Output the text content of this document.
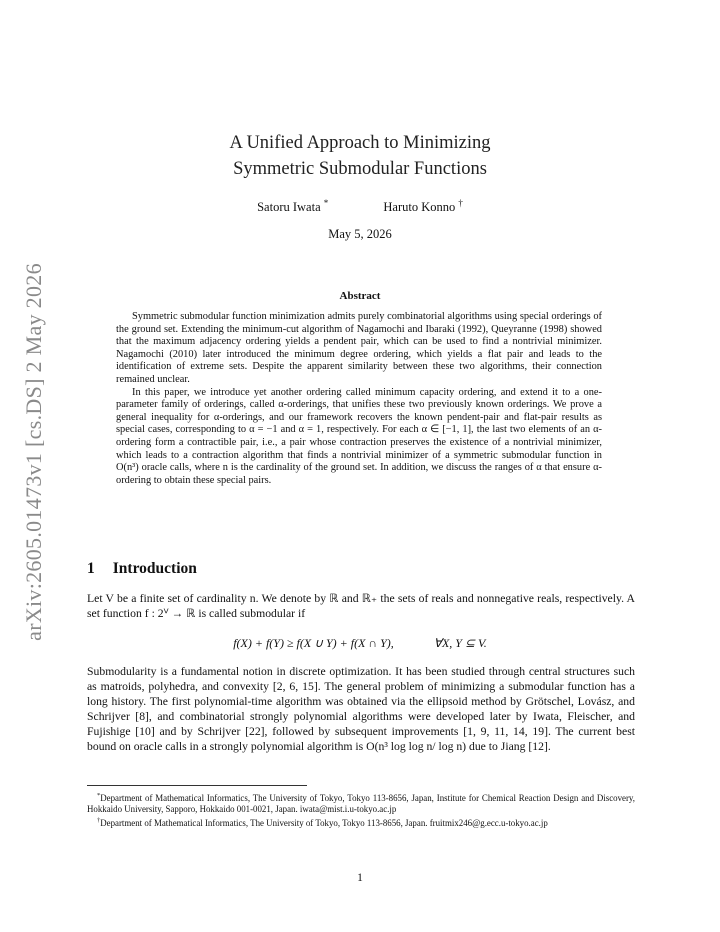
arXiv:2605.01473v1 [cs.DS] 2 May 2026
A Unified Approach to Minimizing
Symmetric Submodular Functions
Satoru Iwata *	Haruto Konno †
May 5, 2026
Abstract

Symmetric submodular function minimization admits purely combinatorial algorithms using special orderings of the ground set. Extending the minimum-cut algorithm of Nagamochi and Ibaraki (1992), Queyranne (1998) showed that the maximum adjacency ordering yields a pendent pair, which can be used to find a nontrivial minimizer. Nagamochi (2010) later introduced the minimum degree ordering, which yields a flat pair and leads to the identification of extreme sets. Despite the apparent similarity between these two algorithms, their connection remained unclear.

In this paper, we introduce yet another ordering called minimum capacity ordering, and extend it to a one-parameter family of orderings, called α-orderings, that unifies these two previously known orderings. We prove a general inequality for α-orderings, and our framework recovers the known pendent-pair and flat-pair results as special cases, corresponding to α = −1 and α = 1, respectively. For each α ∈ [−1, 1], the last two elements of an α-ordering form a contractible pair, i.e., a pair whose contraction preserves the existence of a nontrivial minimizer, which leads to a contraction algorithm that finds a nontrivial minimizer of a symmetric submodular function in O(n³) oracle calls, where n is the cardinality of the ground set. In addition, we discuss the ranges of α that ensure α-ordering to obtain these special pairs.

1 Introduction
Let V be a finite set of cardinality n. We denote by ℝ and ℝ₊ the sets of reals and nonnegative reals, respectively. A set function f : 2ⱽ → ℝ is called submodular if
f(X) + f(Y) ≥ f(X ∪ Y) + f(X ∩ Y),	∀X, Y ⊆ V.
Submodularity is a fundamental notion in discrete optimization. It has been studied through central structures such as matroids, polyhedra, and convexity [2, 6, 15]. The general problem of minimizing a submodular function has a long history. The first polynomial-time algorithm was obtained via the ellipsoid method by Grötschel, Lovász, and Schrijver [8], and combinatorial strongly polynomial algorithms were developed later by Iwata, Fleischer, and Fujishige [10] and by Schrijver [22], followed by subsequent improvements [1, 9, 11, 14, 19]. The current best bound on oracle calls in a strongly polynomial algorithm is O(n³ log log n/ log n) due to Jiang [12].

*Department of Mathematical Informatics, The University of Tokyo, Tokyo 113-8656, Japan, Institute for Chemical Reaction Design and Discovery, Hokkaido University, Sapporo, Hokkaido 001-0021, Japan. iwata@mist.i.u-tokyo.ac.jp

†Department of Mathematical Informatics, The University of Tokyo, Tokyo 113-8656, Japan. fruitmix246@g.ecc.u-tokyo.ac.jp

1
